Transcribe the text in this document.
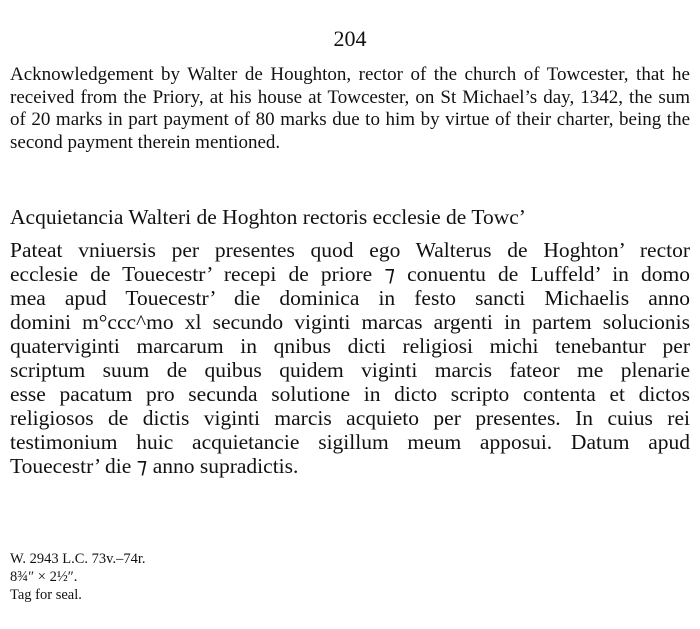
204

Acknowledgement by Walter de Houghton, rector of the church of Towcester, that he received from the Priory, at his house at Towcester, on St Michael’s day, 1342, the sum of 20 marks in part payment of 80 marks due to him by virtue of their charter, being the second payment therein mentioned.

Acquietancia Walteri de Hoghton rectoris ecclesie de Towc’

Pateat vniuersis per presentes quod ego Walterus de Hoghton’ rector
ecclesie de Touecestr’ recepi de priore ⁊ conuentu de Luffeld’ in domo
mea apud Touecestr’ die dominica in festo sancti Michaelis anno
domini m°ccc^mo xl secundo viginti marcas argenti in partem solucionis
quaterviginti marcarum in qnibus dicti religiosi michi tenebantur per
scriptum suum de quibus quidem viginti marcis fateor me plenarie
esse pacatum pro secunda solutione in dicto scripto contenta et dictos
religiosos de dictis viginti marcis acquieto per presentes. In cuius rei
testimonium huic acquietancie sigillum meum apposui. Datum apud
Touecestr’ die ⁊ anno supradictis.

W. 2943 L.C. 73v.–74r.
8¾″ × 2½″.
Tag for seal.
